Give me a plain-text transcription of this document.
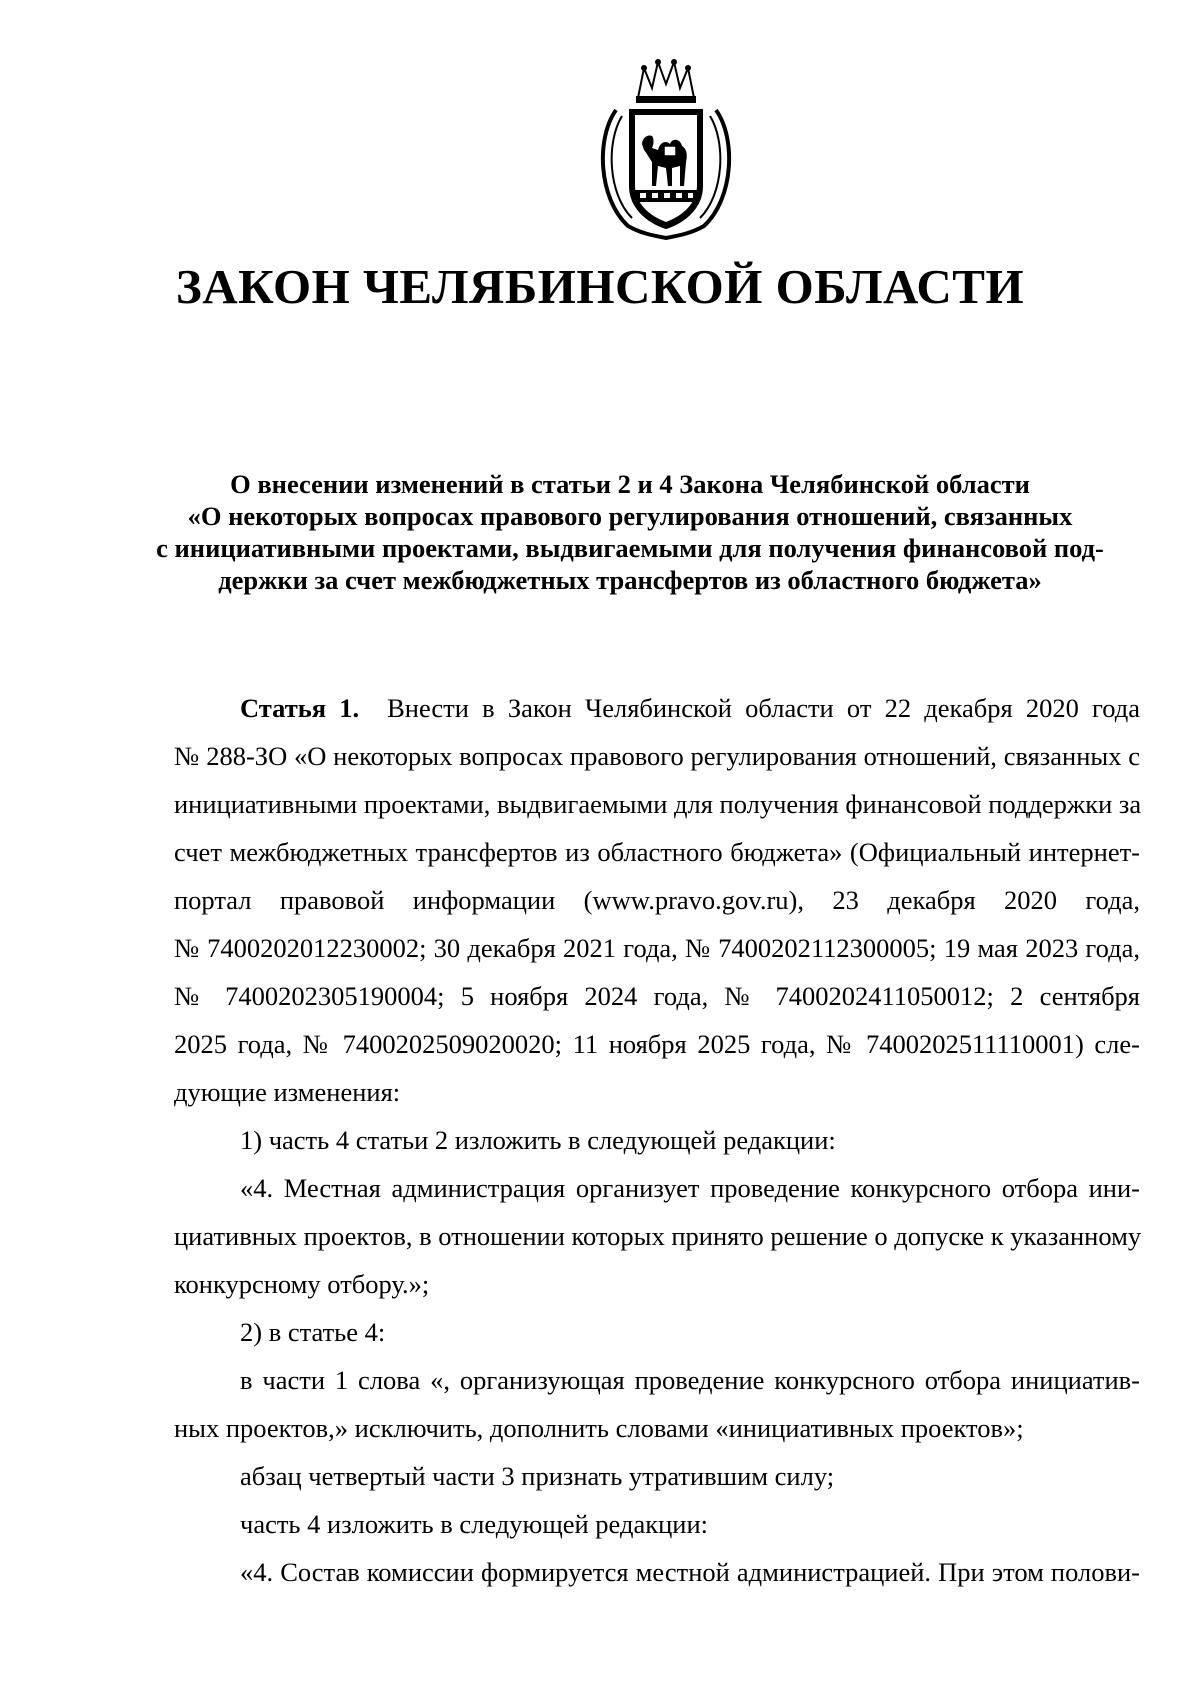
ЗАКОН ЧЕЛЯБИНСКОЙ ОБЛАСТИ
О внесении изменений в статьи 2 и 4 Закона Челябинской области
«О некоторых вопросах правового регулирования отношений, связанных
с инициативными проектами, выдвигаемыми для получения финансовой под-
держки за счет межбюджетных трансфертов из областного бюджета»
Статья 1. Внести в Закон Челябинской области от 22 декабря 2020 года
№ 288-ЗО «О некоторых вопросах правового регулирования отношений, связанных с
инициативными проектами, выдвигаемыми для получения финансовой поддержки за
счет межбюджетных трансфертов из областного бюджета» (Официальный интернет-
портал правовой информации (www.pravo.gov.ru), 23 декабря 2020 года,
№ 7400202012230002; 30 декабря 2021 года, № 7400202112300005; 19 мая 2023 года,
№ 7400202305190004; 5 ноября 2024 года, № 7400202411050012; 2 сентября
2025 года, № 7400202509020020; 11 ноября 2025 года, № 7400202511110001) сле-
дующие изменения:
1) часть 4 статьи 2 изложить в следующей редакции:
«4. Местная администрация организует проведение конкурсного отбора ини-
циативных проектов, в отношении которых принято решение о допуске к указанному
конкурсному отбору.»;
2) в статье 4:
в части 1 слова «, организующая проведение конкурсного отбора инициатив-
ных проектов,» исключить, дополнить словами «инициативных проектов»;
абзац четвертый части 3 признать утратившим силу;
часть 4 изложить в следующей редакции:
«4. Состав комиссии формируется местной администрацией. При этом полови-
